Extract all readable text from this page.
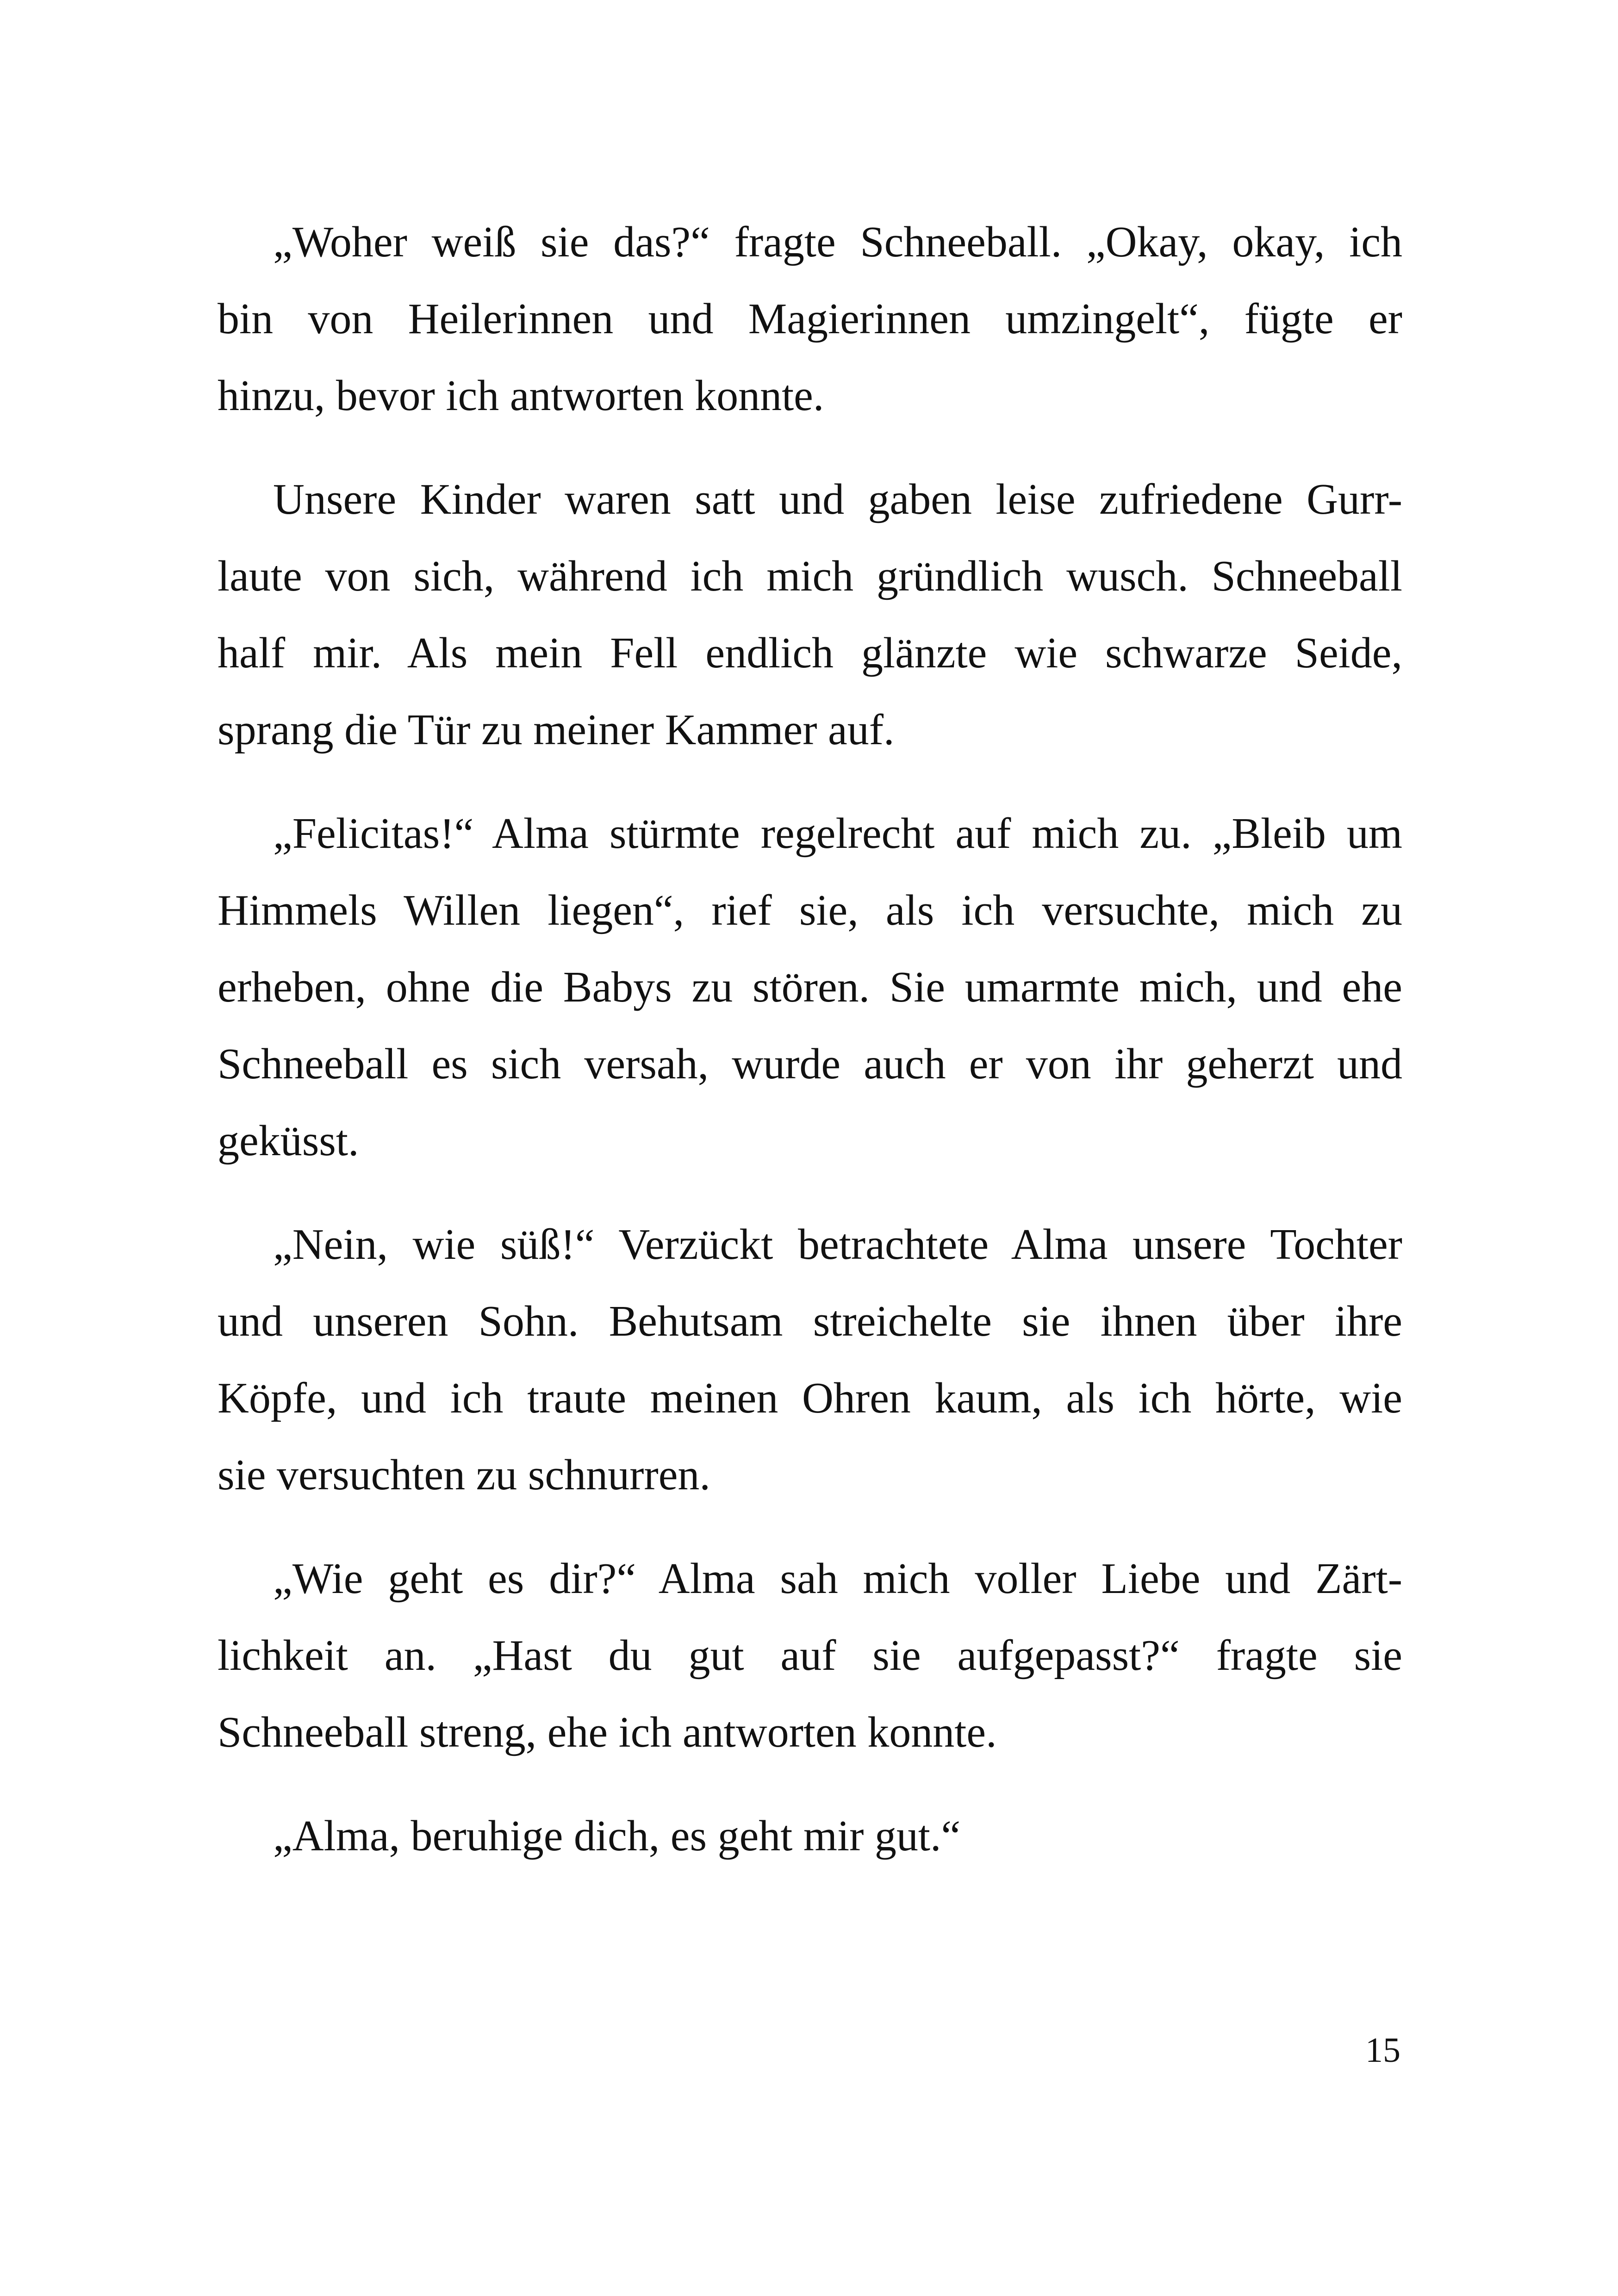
„Woher weiß sie das?“ fragte Schneeball. „Okay, okay, ich
bin von Heilerinnen und Magierinnen umzingelt“, fügte er
hinzu, bevor ich antworten konnte.

Unsere Kinder waren satt und gaben leise zufriedene Gurr-
laute von sich, während ich mich gründlich wusch. Schneeball
half mir. Als mein Fell endlich glänzte wie schwarze Seide,
sprang die Tür zu meiner Kammer auf.

„Felicitas!“ Alma stürmte regelrecht auf mich zu. „Bleib um
Himmels Willen liegen“, rief sie, als ich versuchte, mich zu
erheben, ohne die Babys zu stören. Sie umarmte mich, und ehe
Schneeball es sich versah, wurde auch er von ihr geherzt und
geküsst.

„Nein, wie süß!“ Verzückt betrachtete Alma unsere Tochter
und unseren Sohn. Behutsam streichelte sie ihnen über ihre
Köpfe, und ich traute meinen Ohren kaum, als ich hörte, wie
sie versuchten zu schnurren.

„Wie geht es dir?“ Alma sah mich voller Liebe und Zärt-
lichkeit an. „Hast du gut auf sie aufgepasst?“ fragte sie
Schneeball streng, ehe ich antworten konnte.

„Alma, beruhige dich, es geht mir gut.“

15
